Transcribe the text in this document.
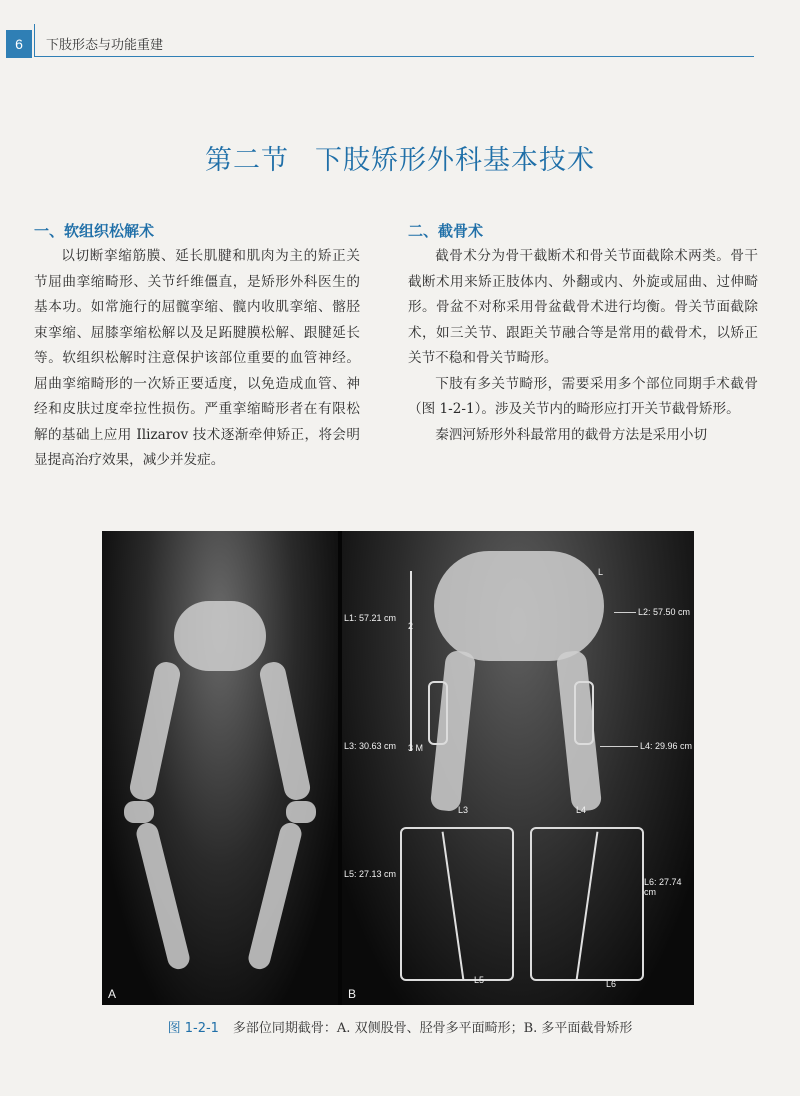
6	下肢形态与功能重建
第二节 下肢矫形外科基本技术
一、软组织松解术

以切断挛缩筋膜、延长肌腱和肌肉为主的矫正关节屈曲挛缩畸形、关节纤维僵直，是矫形外科医生的基本功。如常施行的屈髋挛缩、髋内收肌挛缩、髂胫束挛缩、屈膝挛缩松解以及足跖腱膜松解、跟腱延长等。软组织松解时注意保护该部位重要的血管神经。屈曲挛缩畸形的一次矫正要适度，以免造成血管、神经和皮肤过度牵拉性损伤。严重挛缩畸形者在有限松解的基础上应用 Ilizarov 技术逐渐牵伸矫正，将会明显提高治疗效果，减少并发症。

二、截骨术

截骨术分为骨干截断术和骨关节面截除术两类。骨干截断术用来矫正肢体内、外翻或内、外旋或屈曲、过伸畸形。骨盆不对称采用骨盆截骨术进行均衡。骨关节面截除术，如三关节、跟距关节融合等是常用的截骨术，以矫正关节不稳和骨关节畸形。

下肢有多关节畸形，需要采用多个部位同期手术截骨（图 1-2-1）。涉及关节内的畸形应打开关节截骨矫形。

秦泗河矫形外科最常用的截骨方法是采用小切

A
L
L1: 57.21 cm
L2: 57.50 cm
L3: 30.63 cm	L4: 29.96 cm
L5: 27.13 cm
L6: 27.74 cm
2
3 M
L3	L4
L5	L6
B
图 1-2-1 多部位同期截骨：A. 双侧股骨、胫骨多平面畸形；B. 多平面截骨矫形
